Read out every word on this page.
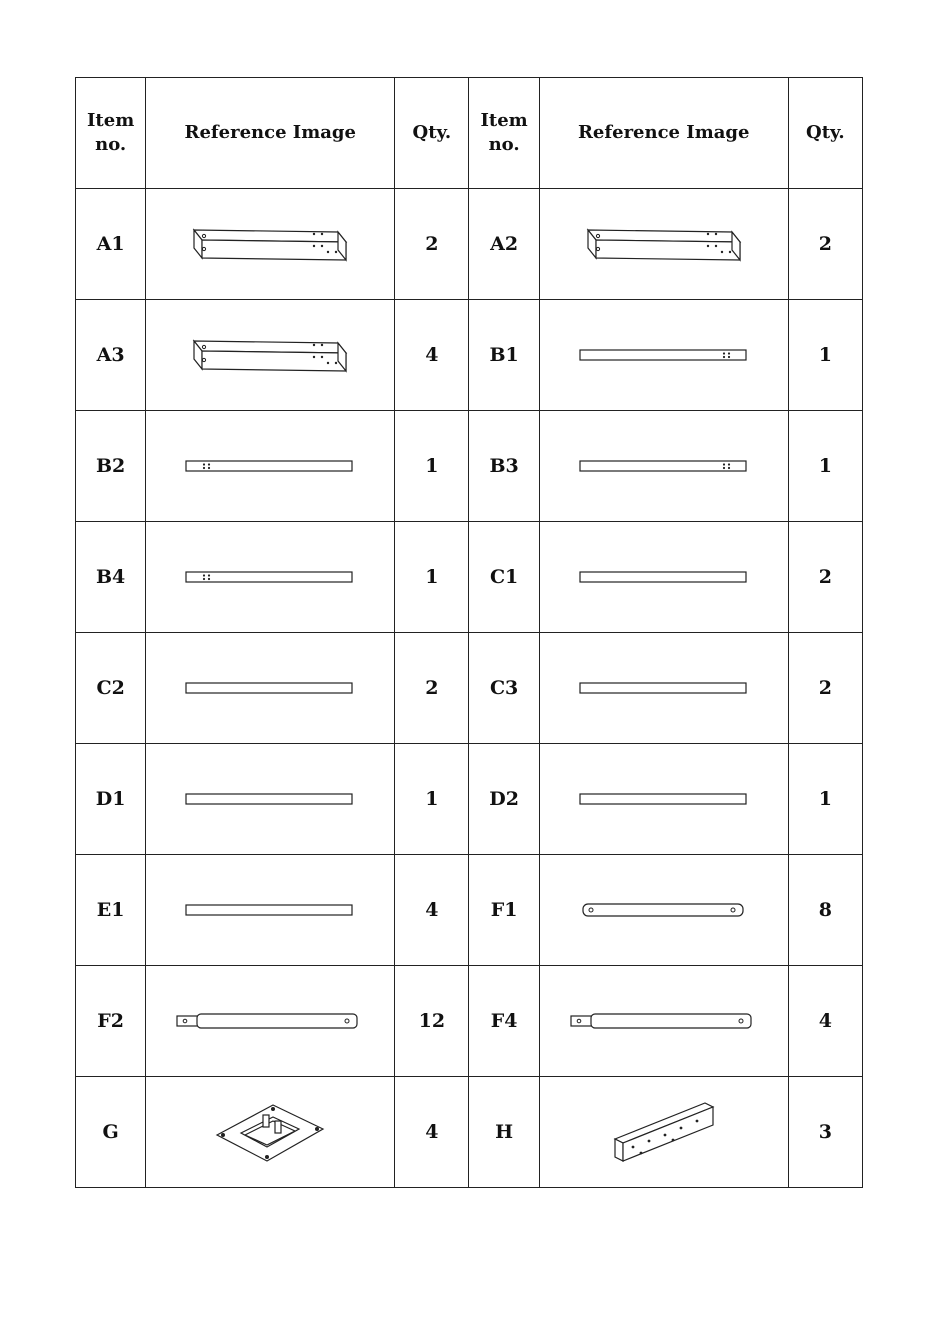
Item no.	Reference Image	Qty.	Item no.	Reference Image	Qty.
A1		2	A2		2
A3		4	B1		1
B2		1	B3		1
B4		1	C1		2
C2		2	C3		2
D1		1	D2		1
E1		4	F1		8
F2		12	F4		4
G		4	H		3
